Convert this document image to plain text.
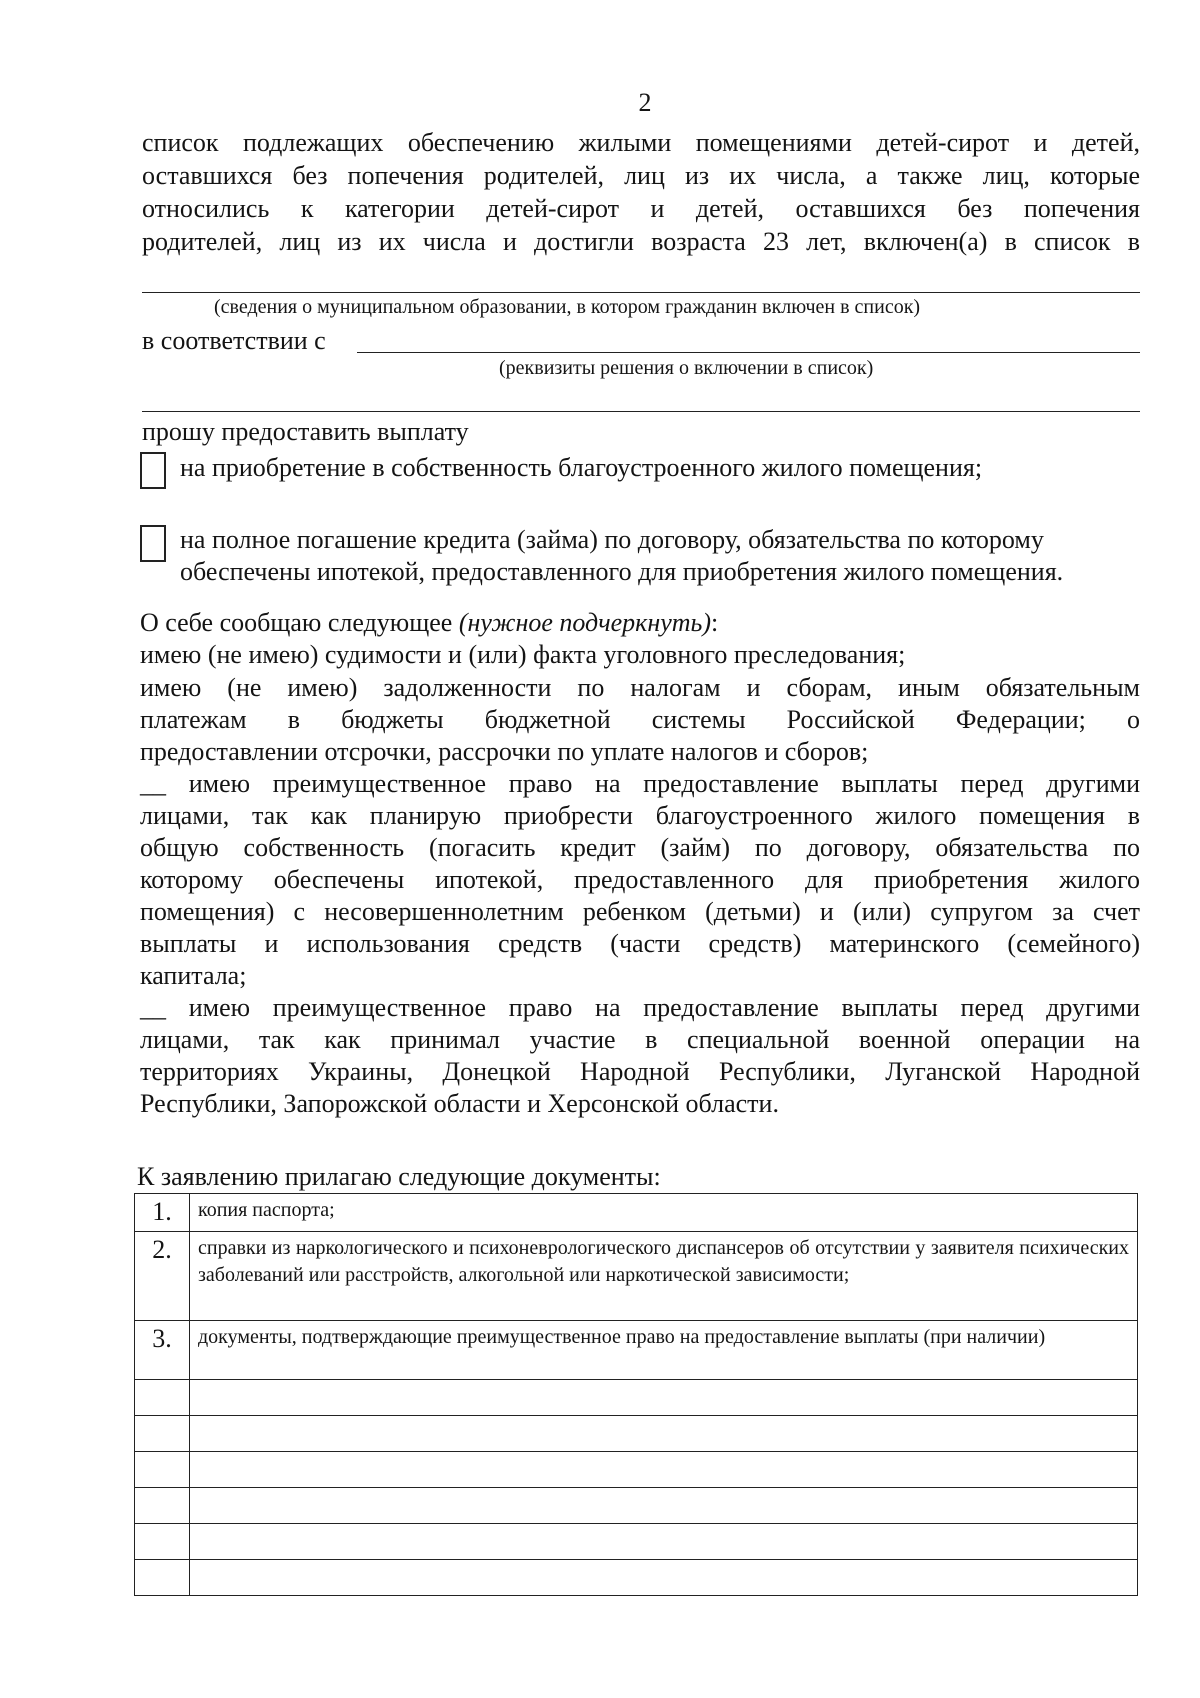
2

список подлежащих обеспечению жилыми помещениями детей-сирот и детей,
оставшихся без попечения родителей, лиц из их числа, а также лиц, которые
относились к категории детей-сирот и детей, оставшихся без попечения
родителей, лиц из их числа и достигли возраста 23 лет, включен(а) в список в

(сведения о муниципальном образовании, в котором гражданин включен в список)
в соответствии с
(реквизиты решения о включении в список)
прошу предоставить выплату
на приобретение в собственность благоустроенного жилого помещения;
на полное погашение кредита (займа) по договору, обязательства по которому
обеспечены ипотекой, предоставленного для приобретения жилого помещения.
О себе сообщаю следующее (нужное подчеркнуть):
имею (не имею) судимости и (или) факта уголовного преследования;

имею (не имею) задолженности по налогам и сборам, иным обязательным
платежам в бюджеты бюджетной системы Российской Федерации; о
предоставлении отсрочки, рассрочки по уплате налогов и сборов;

__ имею преимущественное право на предоставление выплаты перед другими
лицами, так как планирую приобрести благоустроенного жилого помещения в
общую собственность (погасить кредит (займ) по договору, обязательства по
которому обеспечены ипотекой, предоставленного для приобретения жилого
помещения) с несовершеннолетним ребенком (детьми) и (или) супругом за счет
выплаты и использования средств (части средств) материнского (семейного)
капитала;

__ имею преимущественное право на предоставление выплаты перед другими
лицами, так как принимал участие в специальной военной операции на
территориях Украины, Донецкой Народной Республики, Луганской Народной
Республики, Запорожской области и Херсонской области.

К заявлению прилагаю следующие документы:
1.	копия паспорта;
2.	справки из наркологического и психоневрологического диспансеров об отсутствии у заявителя психических заболеваний или расстройств, алкогольной или наркотической зависимости;
3.	документы, подтверждающие преимущественное право на предоставление выплаты (при наличии)
